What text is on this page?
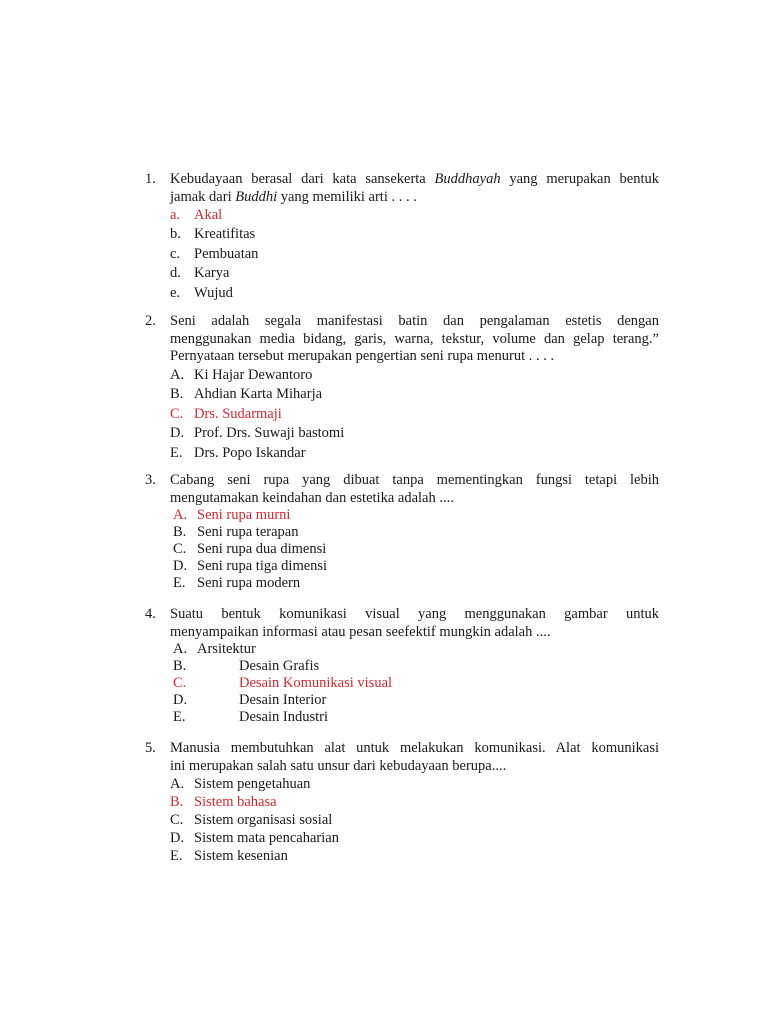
1. Kebudayaan berasal dari kata sansekerta Buddhayah yang merupakan bentuk
jamak dari Buddhi yang memiliki arti . . . .
a. Akal
b. Kreatifitas
c. Pembuatan
d. Karya
e. Wujud
2. Seni adalah segala manifestasi batin dan pengalaman estetis dengan
menggunakan media bidang, garis, warna, tekstur, volume dan gelap terang.”
Pernyataan tersebut merupakan pengertian seni rupa menurut . . . .
A. Ki Hajar Dewantoro
B. Ahdian Karta Miharja
C. Drs. Sudarmaji
D. Prof. Drs. Suwaji bastomi
E. Drs. Popo Iskandar
3. Cabang seni rupa yang dibuat tanpa mementingkan fungsi tetapi lebih
mengutamakan keindahan dan estetika adalah ....
A. Seni rupa murni
B. Seni rupa terapan
C. Seni rupa dua dimensi
D. Seni rupa tiga dimensi
E. Seni rupa modern
4. Suatu bentuk komunikasi visual yang menggunakan gambar untuk
menyampaikan informasi atau pesan seefektif mungkin adalah ....
A. Arsitektur
B.	Desain Grafis
C.	Desain Komunikasi visual
D.	Desain Interior
E.	Desain Industri
5. Manusia membutuhkan alat untuk melakukan komunikasi. Alat komunikasi
ini merupakan salah satu unsur dari kebudayaan berupa....
A. Sistem pengetahuan
B. Sistem bahasa
C. Sistem organisasi sosial
D. Sistem mata pencaharian
E. Sistem kesenian
